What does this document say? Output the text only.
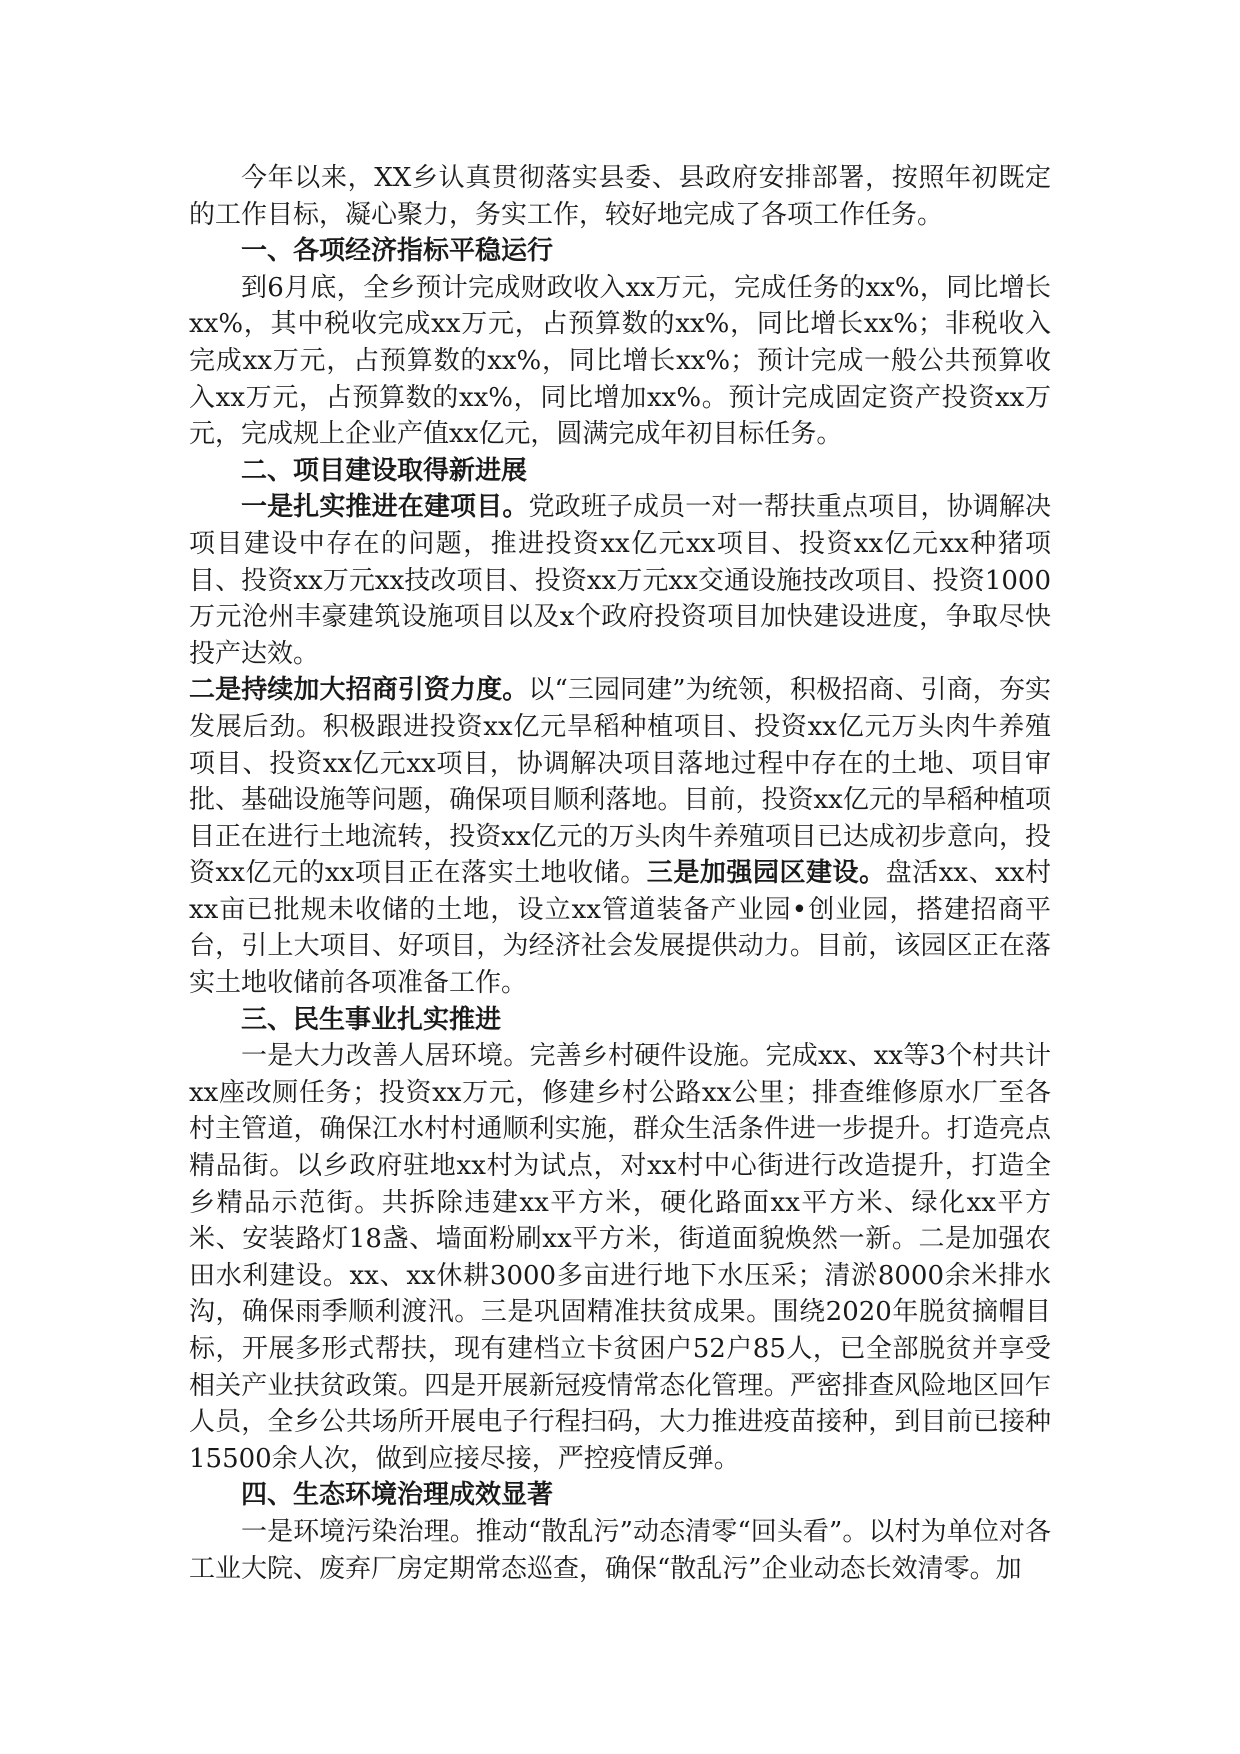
今年以来，XX乡认真贯彻落实县委、县政府安排部署，按照年初既定的工作目标，凝心聚力，务实工作，较好地完成了各项工作任务。

一、各项经济指标平稳运行

到6月底，全乡预计完成财政收入xx万元，完成任务的xx%，同比增长xx%，其中税收完成xx万元，占预算数的xx%，同比增长xx%；非税收入完成xx万元，占预算数的xx%，同比增长xx%；预计完成一般公共预算收入xx万元，占预算数的xx%，同比增加xx%。预计完成固定资产投资xx万元，完成规上企业产值xx亿元，圆满完成年初目标任务。

二、项目建设取得新进展

一是扎实推进在建项目。党政班子成员一对一帮扶重点项目，协调解决项目建设中存在的问题，推进投资xx亿元xx项目、投资xx亿元xx种猪项目、投资xx万元xx技改项目、投资xx万元xx交通设施技改项目、投资1000万元沧州丰豪建筑设施项目以及x个政府投资项目加快建设进度，争取尽快投产达效。

二是持续加大招商引资力度。以“三园同建”为统领，积极招商、引商，夯实发展后劲。积极跟进投资xx亿元旱稻种植项目、投资xx亿元万头肉牛养殖项目、投资xx亿元xx项目，协调解决项目落地过程中存在的土地、项目审批、基础设施等问题，确保项目顺利落地。目前，投资xx亿元的旱稻种植项目正在进行土地流转，投资xx亿元的万头肉牛养殖项目已达成初步意向，投资xx亿元的xx项目正在落实土地收储。三是加强园区建设。盘活xx、xx村xx亩已批规未收储的土地，设立xx管道装备产业园•创业园，搭建招商平台，引上大项目、好项目，为经济社会发展提供动力。目前，该园区正在落实土地收储前各项准备工作。

三、民生事业扎实推进

一是大力改善人居环境。完善乡村硬件设施。完成xx、xx等3个村共计xx座改厕任务；投资xx万元，修建乡村公路xx公里；排查维修原水厂至各村主管道，确保江水村村通顺利实施，群众生活条件进一步提升。打造亮点精品街。以乡政府驻地xx村为试点，对xx村中心街进行改造提升，打造全乡精品示范街。共拆除违建xx平方米，硬化路面xx平方米、绿化xx平方米、安装路灯18盏、墙面粉刷xx平方米，街道面貌焕然一新。二是加强农田水利建设。xx、xx休耕3000多亩进行地下水压采；清淤8000余米排水沟，确保雨季顺利渡汛。三是巩固精准扶贫成果。围绕2020年脱贫摘帽目标，开展多形式帮扶，现有建档立卡贫困户52户85人，已全部脱贫并享受相关产业扶贫政策。四是开展新冠疫情常态化管理。严密排查风险地区回乍人员，全乡公共场所开展电子行程扫码，大力推进疫苗接种，到目前已接种15500余人次，做到应接尽接，严控疫情反弹。

四、生态环境治理成效显著

一是环境污染治理。推动“散乱污”动态清零“回头看”。以村为单位对各工业大院、废弃厂房定期常态巡查，确保“散乱污”企业动态长效清零。加
